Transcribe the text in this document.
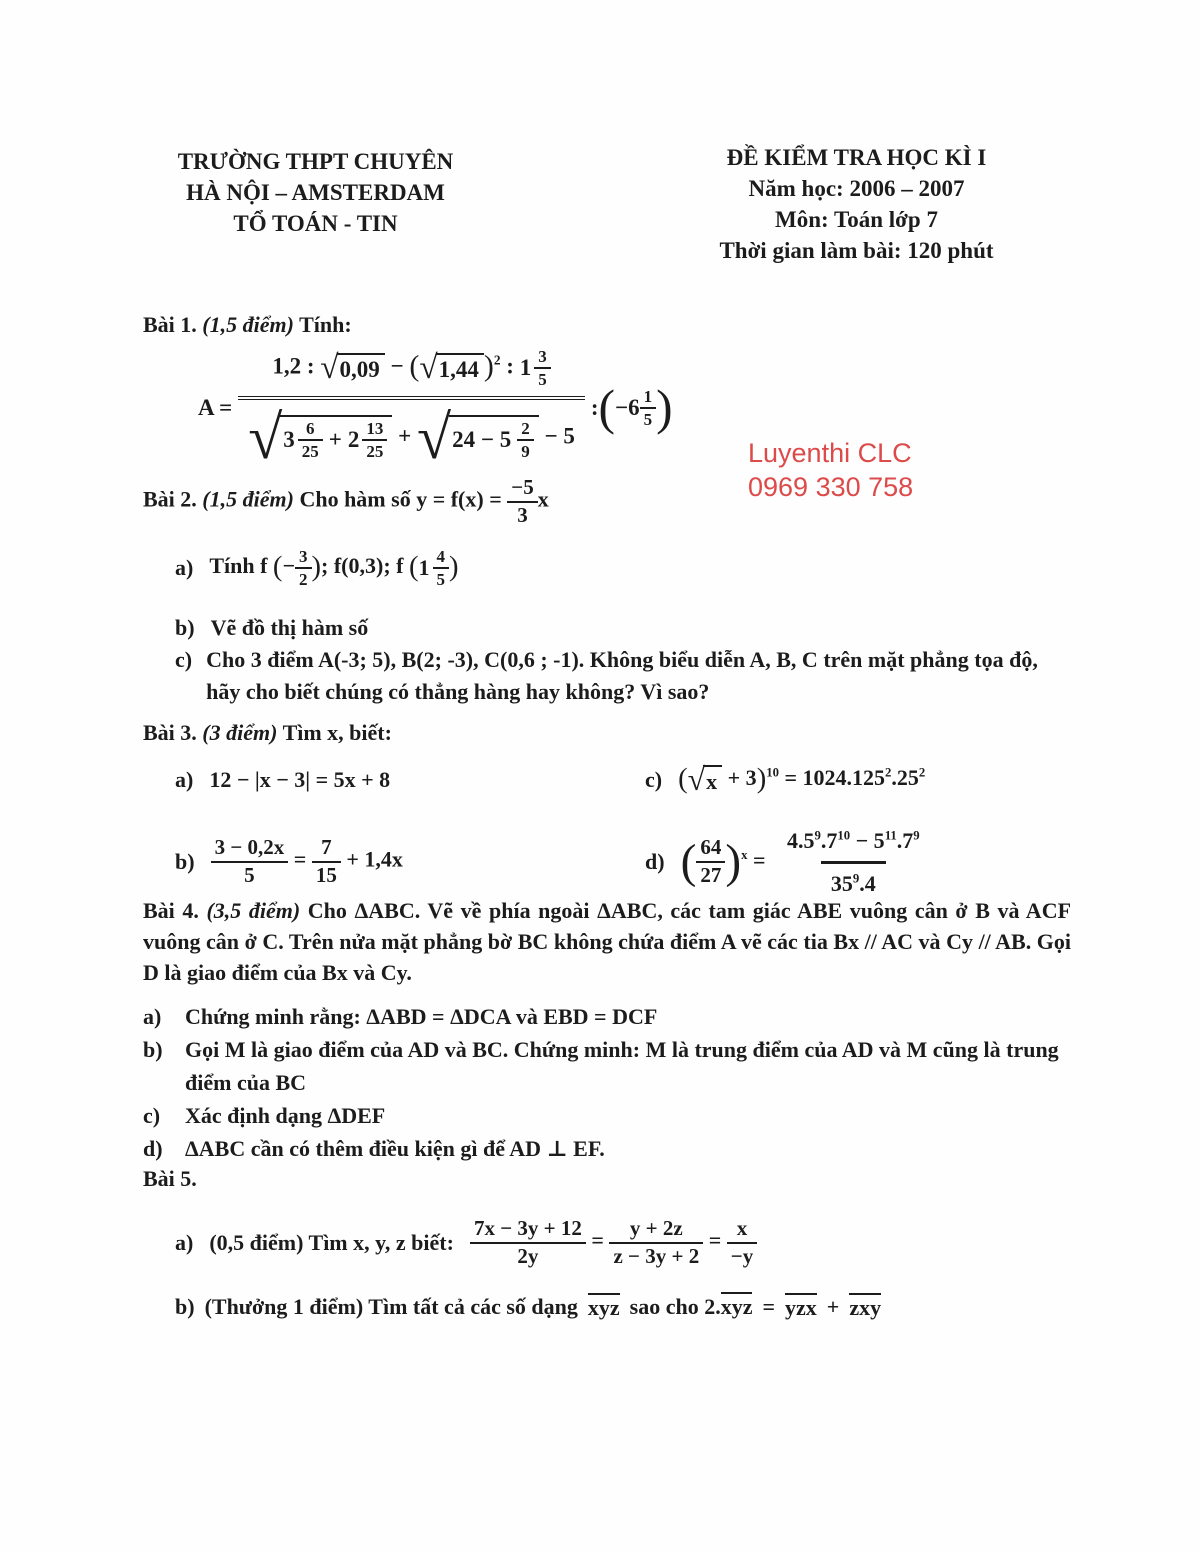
TRƯỜNG THPT CHUYÊN
HÀ NỘI – AMSTERDAM
TỔ TOÁN - TIN
ĐỀ KIỂM TRA HỌC KÌ I
Năm học: 2006 – 2007
Môn: Toán lớp 7
Thời gian làm bài: 120 phút
Bài 1. (1,5 điểm) Tính:
A =
1,2 : √ 0,09 − ( √ 1,44 )$^2$ : $1 \frac{3}{5}$
√ $3 \frac{6}{25} + 2 \frac{13}{25}$ + √ $24 - 5 \frac{2}{9} - 5$
: ( $-6 \frac{1}{5}$ )
Luyenthi CLC
0969 330 758
Bài 2. (1,5 điểm) Cho hàm số $y = f(x) = \frac{-5}{3}$ x
a) Tính f (− $\frac{3}{2}$ ); f(0,3); f ( $1 \frac{4}{5}$ )
b) Vẽ đồ thị hàm số
c) Cho 3 điểm A(-3; 5), B(2; -3), C(0,6 ; -1). Không biểu diễn A, B, C trên mặt phẳng tọa độ, hãy cho biết chúng có thẳng hàng hay không? Vì sao?
Bài 3. (3 điểm) Tìm x, biết:
a) 12 − |x − 3| = 5x + 8	c) ( √ $x + 3)^{10} = 1024.125^2.25^2$
$b) \frac{3 - 0,2x}{5} = \frac{7}{15} + 1,4x$	d) ( $\frac{64}{27} )^x = \frac{4.5^9.7^{10} - 5^{11}.7^9}{35^9.4}$

Bài 4. (3,5 điểm) Cho ΔABC. Vẽ về phía ngoài ΔABC, các tam giác ABE vuông cân ở B và ACF vuông cân ở C. Trên nửa mặt phẳng bờ BC không chứa điểm A vẽ các tia Bx // AC và Cy // AB. Gọi D là giao điểm của Bx và Cy.

a)	Chứng minh rằng: ΔABD = ΔDCA và EBD = DCF
b)	Gọi M là giao điểm của AD và BC. Chứng minh: M là trung điểm của AD và M cũng là trung điểm của BC
c)	Xác định dạng ΔDEF
d)	ΔABC cần có thêm điều kiện gì để AD ⊥ EF.
Bài 5.
a) (0,5 điểm) Tìm x, y, z biết: $\frac{7x - 3y + 12}{2y} = \frac{y + 2z}{z - 3y + 2} = \frac{x}{-y}$
b) (Thưởng 1 điểm) Tìm tất cả các số dạng xyz sao cho 2.xyz = yzx + zxy
